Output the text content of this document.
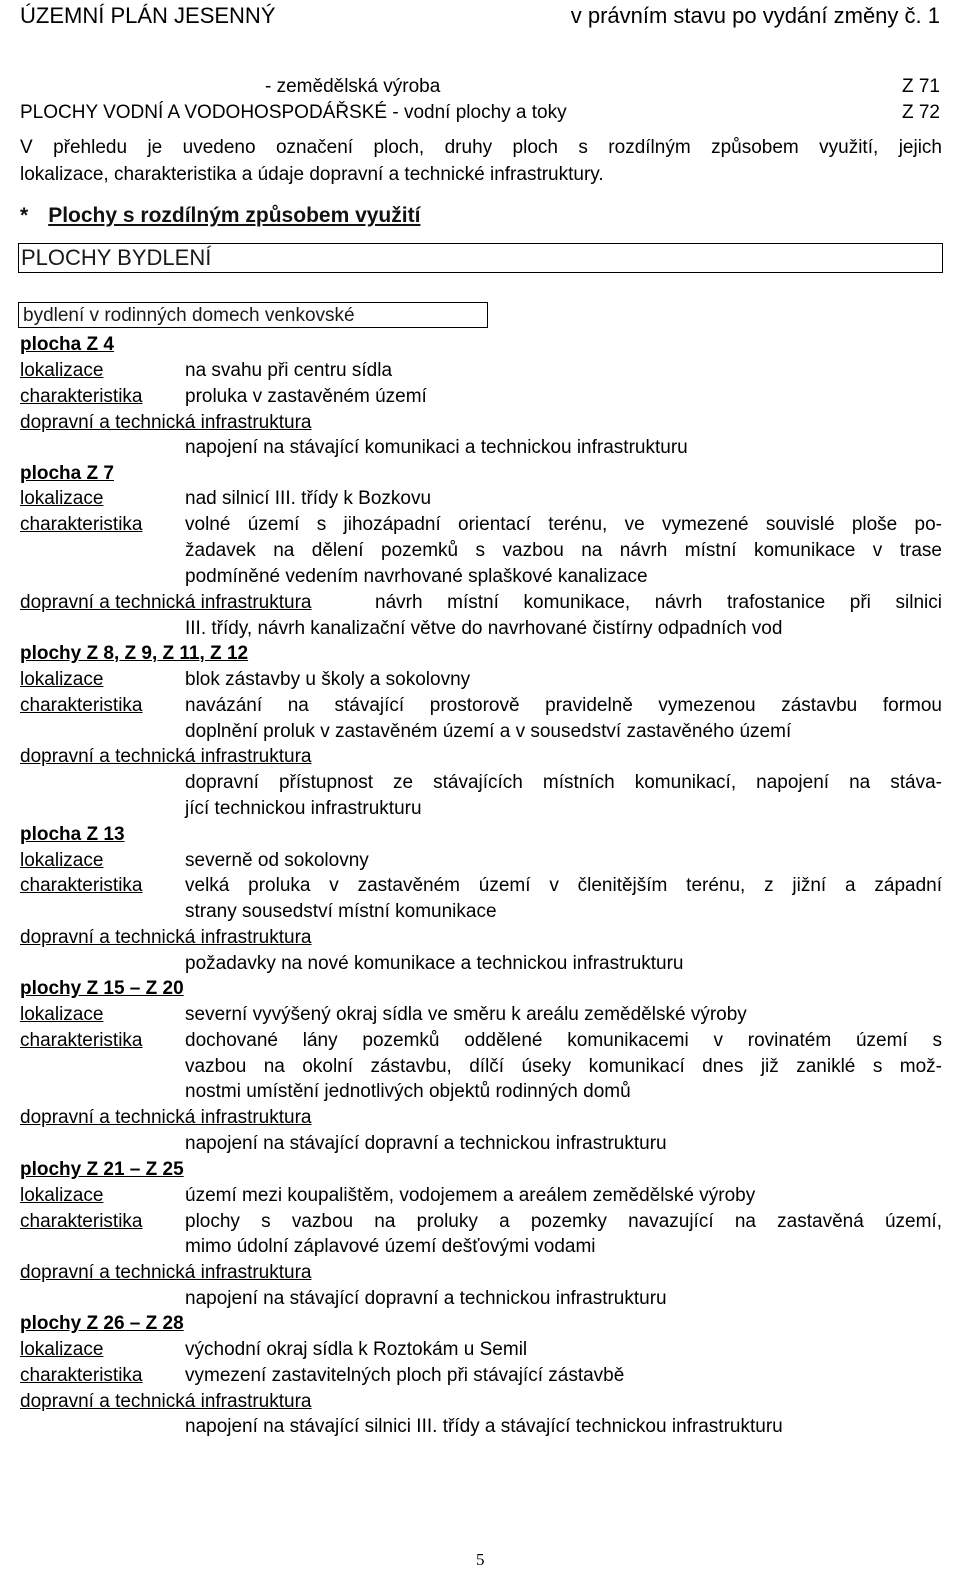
ÚZEMNÍ PLÁN JESENNÝ	v právním stavu po vydání změny č. 1
- zemědělská výroba	Z 71
PLOCHY VODNÍ A VODOHOSPODÁŘSKÉ - vodní plochy a toky	Z 72
V přehledu je uvedeno označení ploch, druhy ploch s rozdílným způsobem využití, jejich
lokalizace, charakteristika a údaje dopravní a technické infrastruktury.
* Plochy s rozdílným způsobem využití
PLOCHY BYDLENÍ
bydlení v rodinných domech venkovské
plocha Z 4
lokalizace	na svahu při centru sídla
charakteristika proluka v zastavěném území
dopravní a technická infrastruktura
napojení na stávající komunikaci a technickou infrastrukturu
plocha Z 7
lokalizace	nad silnicí III. třídy k Bozkovu
charakteristika volné území s jihozápadní orientací terénu, ve vymezené souvislé ploše po-
žadavek na dělení pozemků s vazbou na návrh místní komunikace v trase
podmíněné vedením navrhované splaškové kanalizace
dopravní a technická infrastruktura	návrh místní komunikace, návrh trafostanice při silnici
III. třídy, návrh kanalizační větve do navrhované čistírny odpadních vod
plochy Z 8, Z 9, Z 11, Z 12
lokalizace	blok zástavby u školy a sokolovny
charakteristika navázání na stávající prostorově pravidelně vymezenou zástavbu formou
doplnění proluk v zastavěném území a v sousedství zastavěného území
dopravní a technická infrastruktura
dopravní přístupnost ze stávajících místních komunikací, napojení na stáva-
jící technickou infrastrukturu
plocha Z 13
lokalizace	severně od sokolovny
charakteristika velká proluka v zastavěném území v členitějším terénu, z jižní a západní
strany sousedství místní komunikace
dopravní a technická infrastruktura
požadavky na nové komunikace a technickou infrastrukturu
plochy Z 15 – Z 20
lokalizace	severní vyvýšený okraj sídla ve směru k areálu zemědělské výroby
charakteristika dochované lány pozemků oddělené komunikacemi v rovinatém území s
vazbou na okolní zástavbu, dílčí úseky komunikací dnes již zaniklé s mož-
nostmi umístění jednotlivých objektů rodinných domů
dopravní a technická infrastruktura
napojení na stávající dopravní a technickou infrastrukturu
plochy Z 21 – Z 25
lokalizace	území mezi koupalištěm, vodojemem a areálem zemědělské výroby
charakteristika plochy s vazbou na proluky a pozemky navazující na zastavěná území,
mimo údolní záplavové území dešťovými vodami
dopravní a technická infrastruktura
napojení na stávající dopravní a technickou infrastrukturu
plochy Z 26 – Z 28
lokalizace	východní okraj sídla k Roztokám u Semil
charakteristika vymezení zastavitelných ploch při stávající zástavbě
dopravní a technická infrastruktura
napojení na stávající silnici III. třídy a stávající technickou infrastrukturu
5
